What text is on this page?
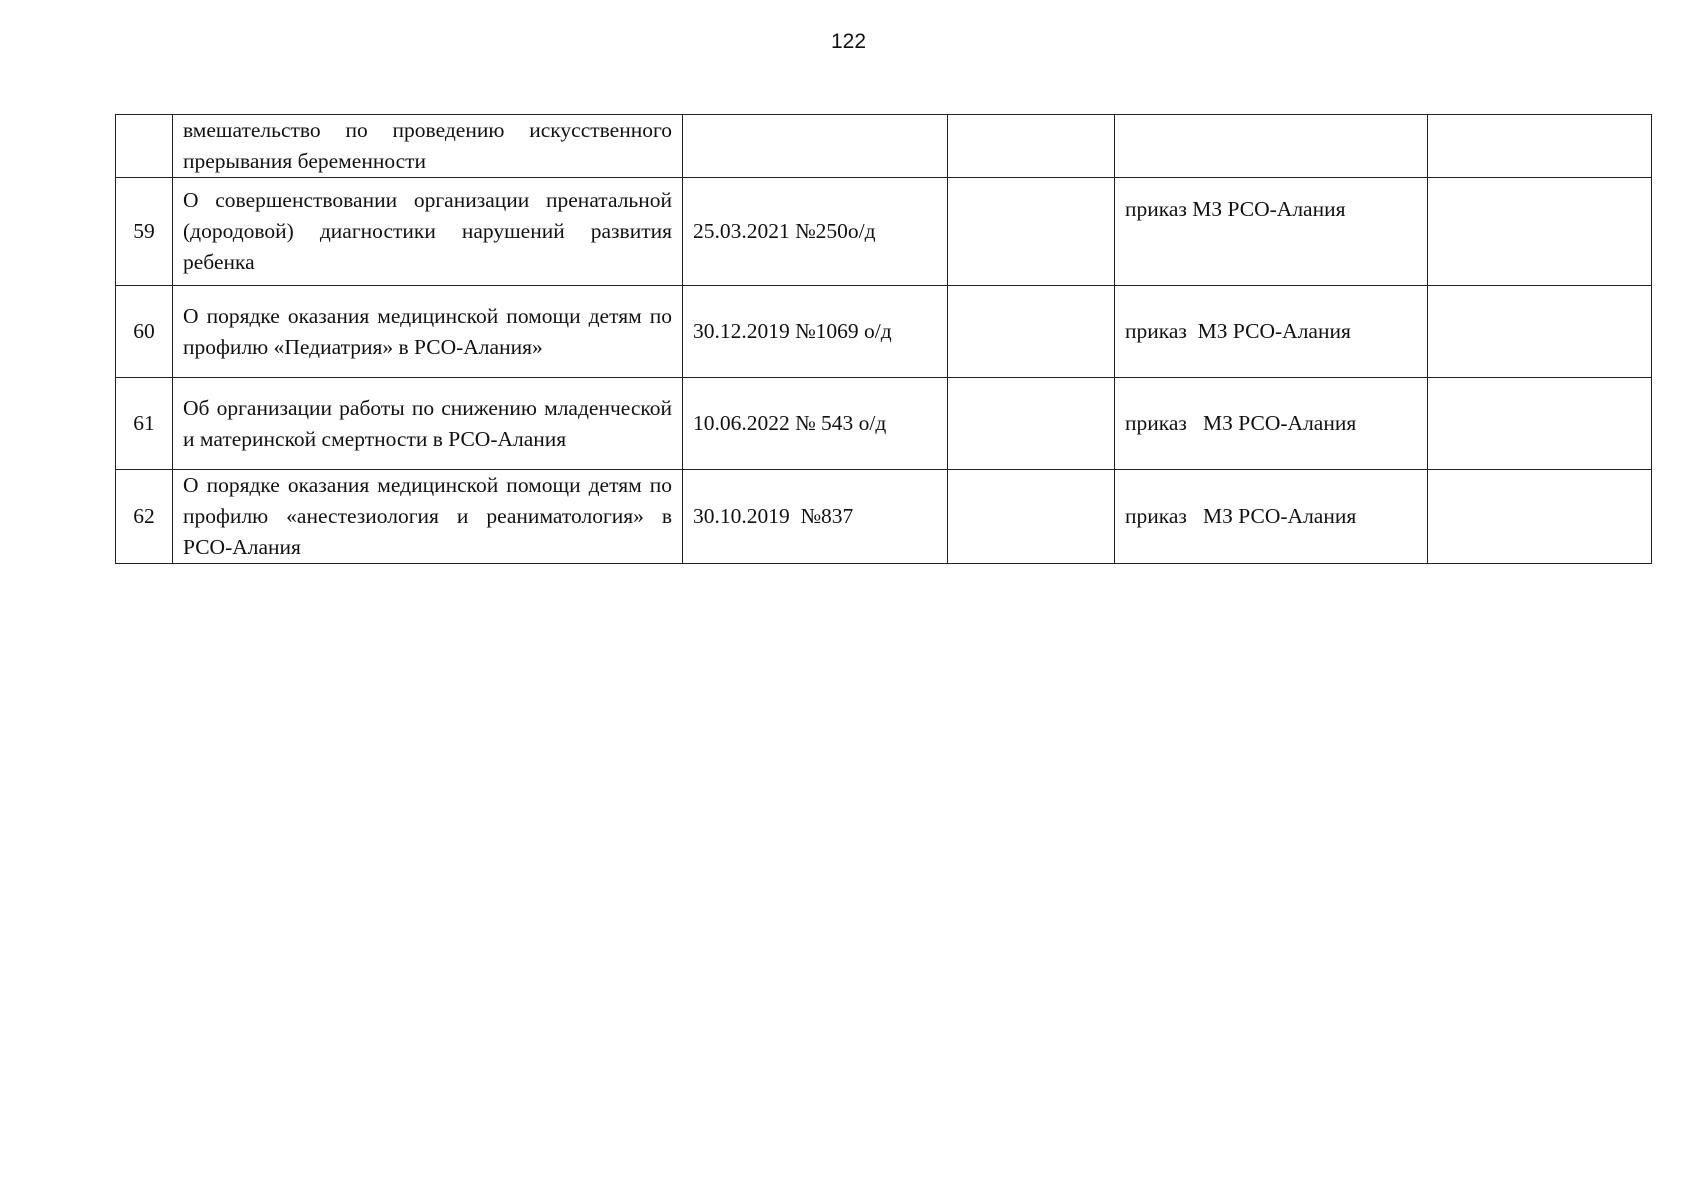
122
	вмешательство по проведению искусственного прерывания беременности				
59	О совершенствовании организации пренатальной (дородовой) диагностики нарушений развития ребенка	25.03.2021 №250о/д		приказ МЗ РСО-Алания	
60	О порядке оказания медицинской помощи детям по профилю «Педиатрия» в РСО-Алания»	30.12.2019 №1069 о/д		приказ  МЗ РСО-Алания	
61	Об организации работы по снижению младенческой и материнской смертности в РСО-Алания	10.06.2022 № 543 о/д		приказ   МЗ РСО-Алания	
62	О порядке оказания медицинской помощи детям по профилю «анестезиология и реаниматология» в РСО-Алания	30.10.2019  №837		приказ   МЗ РСО-Алания	
